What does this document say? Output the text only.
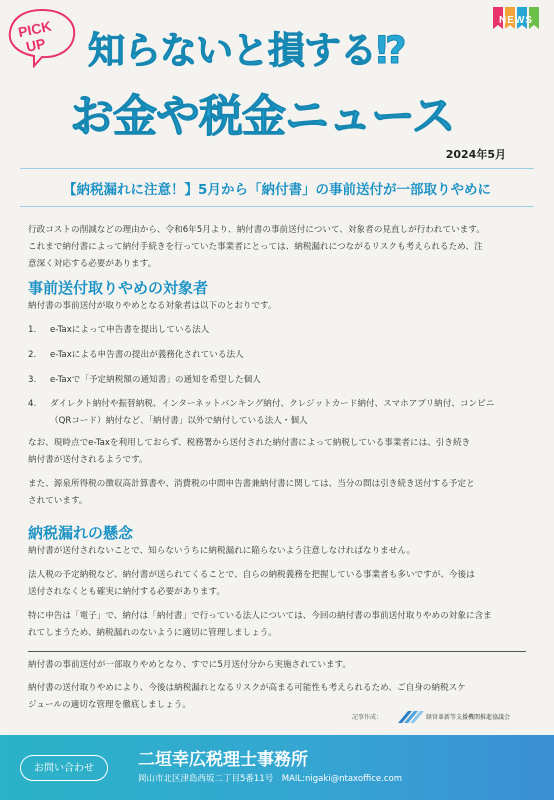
PICK
UP 知らないと損する⁉
お金や税金ニュース
NEWS
2024年5月
【納税漏れに注意！】5月から「納付書」の事前送付が一部取りやめに
行政コストの削減などの理由から、令和6年5月より、納付書の事前送付について、対象者の見直しが行われています。
これまで納付書によって納付手続きを行っていた事業者にとっては、納税漏れにつながるリスクも考えられるため、注
意深く対応する必要があります。
事前送付取りやめの対象者
納付書の事前送付が取りやめとなる対象者は以下のとおりです。
1. e-Taxによって申告書を提出している法人
2. e-Taxによる申告書の提出が義務化されている法人
3. e-Taxで「予定納税額の通知書」の通知を希望した個人
4. ダイレクト納付や振替納税、インターネットバンキング納付、クレジットカード納付、スマホアプリ納付、コンビニ
（QRコード）納付など、「納付書」以外で納付している法人・個人
なお、現時点でe-Taxを利用しておらず、税務署から送付された納付書によって納税している事業者には、引き続き
納付書が送付されるようです。
また、源泉所得税の徴収高計算書や、消費税の中間申告書兼納付書に関しては、当分の間は引き続き送付する予定と
されています。
納税漏れの懸念
納付書が送付されないことで、知らないうちに納税漏れに陥らないよう注意しなければなりません。
法人税の予定納税など、納付書が送られてくることで、自らの納税義務を把握している事業者も多いですが、今後は
送付されなくとも確実に納付する必要があります。
特に申告は「電子」で、納付は「納付書」で行っている法人については、今回の納付書の事前送付取りやめの対象に含ま
れてしまうため、納税漏れのないように適切に管理しましょう。
納付書の事前送付が一部取りやめとなり、すでに5月送付分から実施されています。
納付書の送付取りやめにより、今後は納税漏れとなるリスクが高まる可能性も考えられるため、ご自身の納税スケ
ジュールの適切な管理を徹底しましょう。
記事作成：	経営革新等支援機関推進協議会
お問い合わせ	二垣幸広税理士事務所
岡山市北区津島西坂二丁目5番11号　MAIL:nigaki@ntaxoffice.com
